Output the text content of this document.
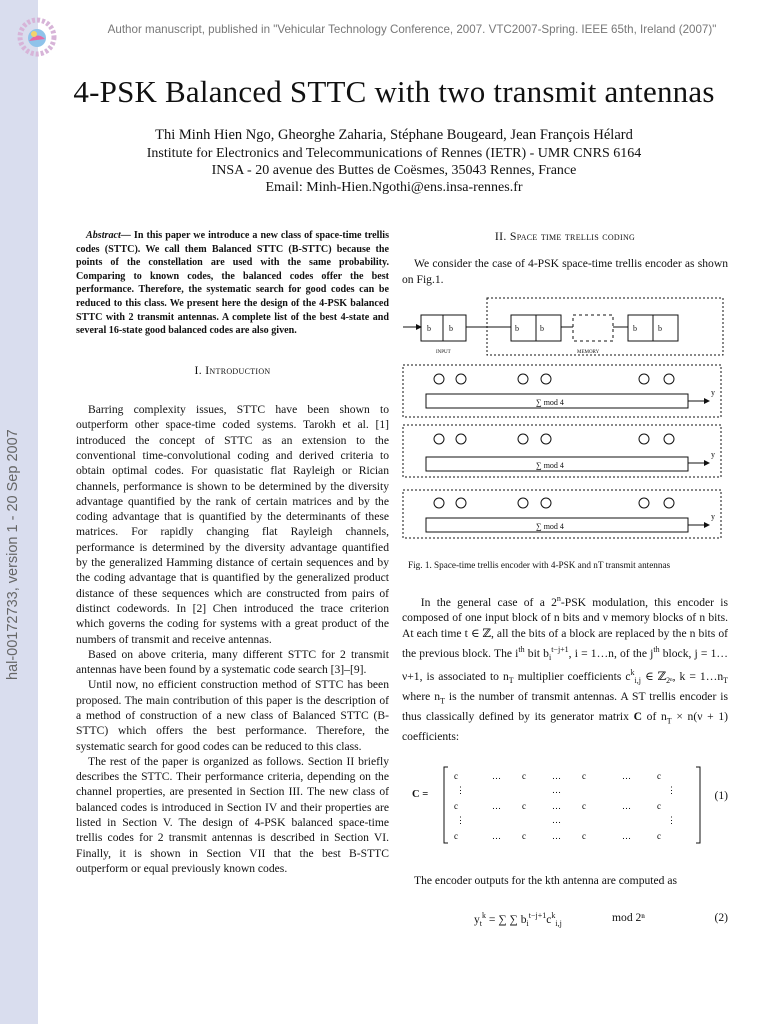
Author manuscript, published in "Vehicular Technology Conference, 2007. VTC2007-Spring. IEEE 65th, Ireland (2007)"
4-PSK Balanced STTC with two transmit antennas
Thi Minh Hien Ngo, Gheorghe Zaharia, Stéphane Bougeard, Jean François Hélard
Institute for Electronics and Telecommunications of Rennes (IETR) - UMR CNRS 6164
INSA - 20 avenue des Buttes de Coësmes, 35043 Rennes, France
Email: Minh-Hien.Ngothi@ens.insa-rennes.fr
Abstract— In this paper we introduce a new class of space-time trellis codes (STTC). We call them Balanced STTC (B-STTC) because the points of the constellation are used with the same probability. Comparing to known codes, the balanced codes offer the best performance. Therefore, the systematic search for good codes can be reduced to this class. We present here the design of the 4-PSK balanced STTC with 2 transmit antennas. A complete list of the best 4-state and several 16-state good balanced codes are also given.
I. Introduction

Barring complexity issues, STTC have been shown to outperform other space-time coded systems. Tarokh et al. [1] introduced the concept of STTC as an extension to the conventional time-convolutional coding and derived criteria to obtain optimal codes. For quasistatic flat Rayleigh or Rician channels, performance is shown to be determined by the diversity advantage quantified by the rank of certain matrices and by the coding advantage that is quantified by the determinants of these matrices. For rapidly changing flat Rayleigh channels, performance is determined by the diversity advantage quantified by the generalized Hamming distance of certain sequences and by the coding advantage that is quantified by the generalized product distance of these sequences which are constructed from pairs of distinct codewords. In [2] Chen introduced the trace criterion which governs the coding for systems with a great product of the numbers of transmit and receive antennas.

Based on above criteria, many different STTC for 2 transmit antennas have been found by a systematic code search [3]–[9].

Until now, no efficient construction method of STTC has been proposed. The main contribution of this paper is the description of a method of construction of a new class of Balanced STTC (B-STTC) which offers the best performance. Therefore, the systematic search for good codes can be reduced to this class.

The rest of the paper is organized as follows. Section II briefly describes the STTC. Their performance criteria, depending on the channel properties, are presented in Section III. The new class of balanced codes is introduced in Section IV and their properties are listed in Section V. The design of 4-PSK balanced space-time trellis codes for 2 transmit antennas is described in Section VI. Finally, it is shown in Section VII that the best B-STTC outperform or equal previously known codes.

II. Space time trellis coding

We consider the case of 4-PSK space-time trellis encoder as shown on Fig.1.

b b	b	b	b	b
INPUT	MEMORY
∑ mod 4
y
∑ mod 4
y
∑ mod 4
y
Fig. 1. Space-time trellis encoder with 4-PSK and nT transmit antennas
In the general case of a 2$^n$-PSK modulation, this encoder is composed of one input block of n bits and ν memory blocks of n bits. At each time t ∈ ℤ, all the bits of a block are replaced by the n bits of the previous block. The $i^{th}$ bit $b_i^{t-j+1}$, i = 1…n, of the $j^{th}$ block, j = 1…ν+1, is associated to $n_T$ multiplier coefficients $c^k_{i,j}$ ∈ ℤ$_{2^n}$, $k = 1\dots n_T$ where $n_T$ is the number of transmit antennas. A ST trellis encoder is thus classically defined by its generator matrix C of $n_T \times n(\nu + 1)$ coefficients:
C =
c	… c	… c	…	c
⋮	…	⋮
c	… c	… c	…	c
⋮	…	⋮
c	… c	… c	…	c
(1)
The encoder outputs for the kth antenna are computed as
$y_t^k$ = ∑ ∑ $b_i^{t-j+1}c^k_{i,j}$	mod 2ⁿ	(2)
